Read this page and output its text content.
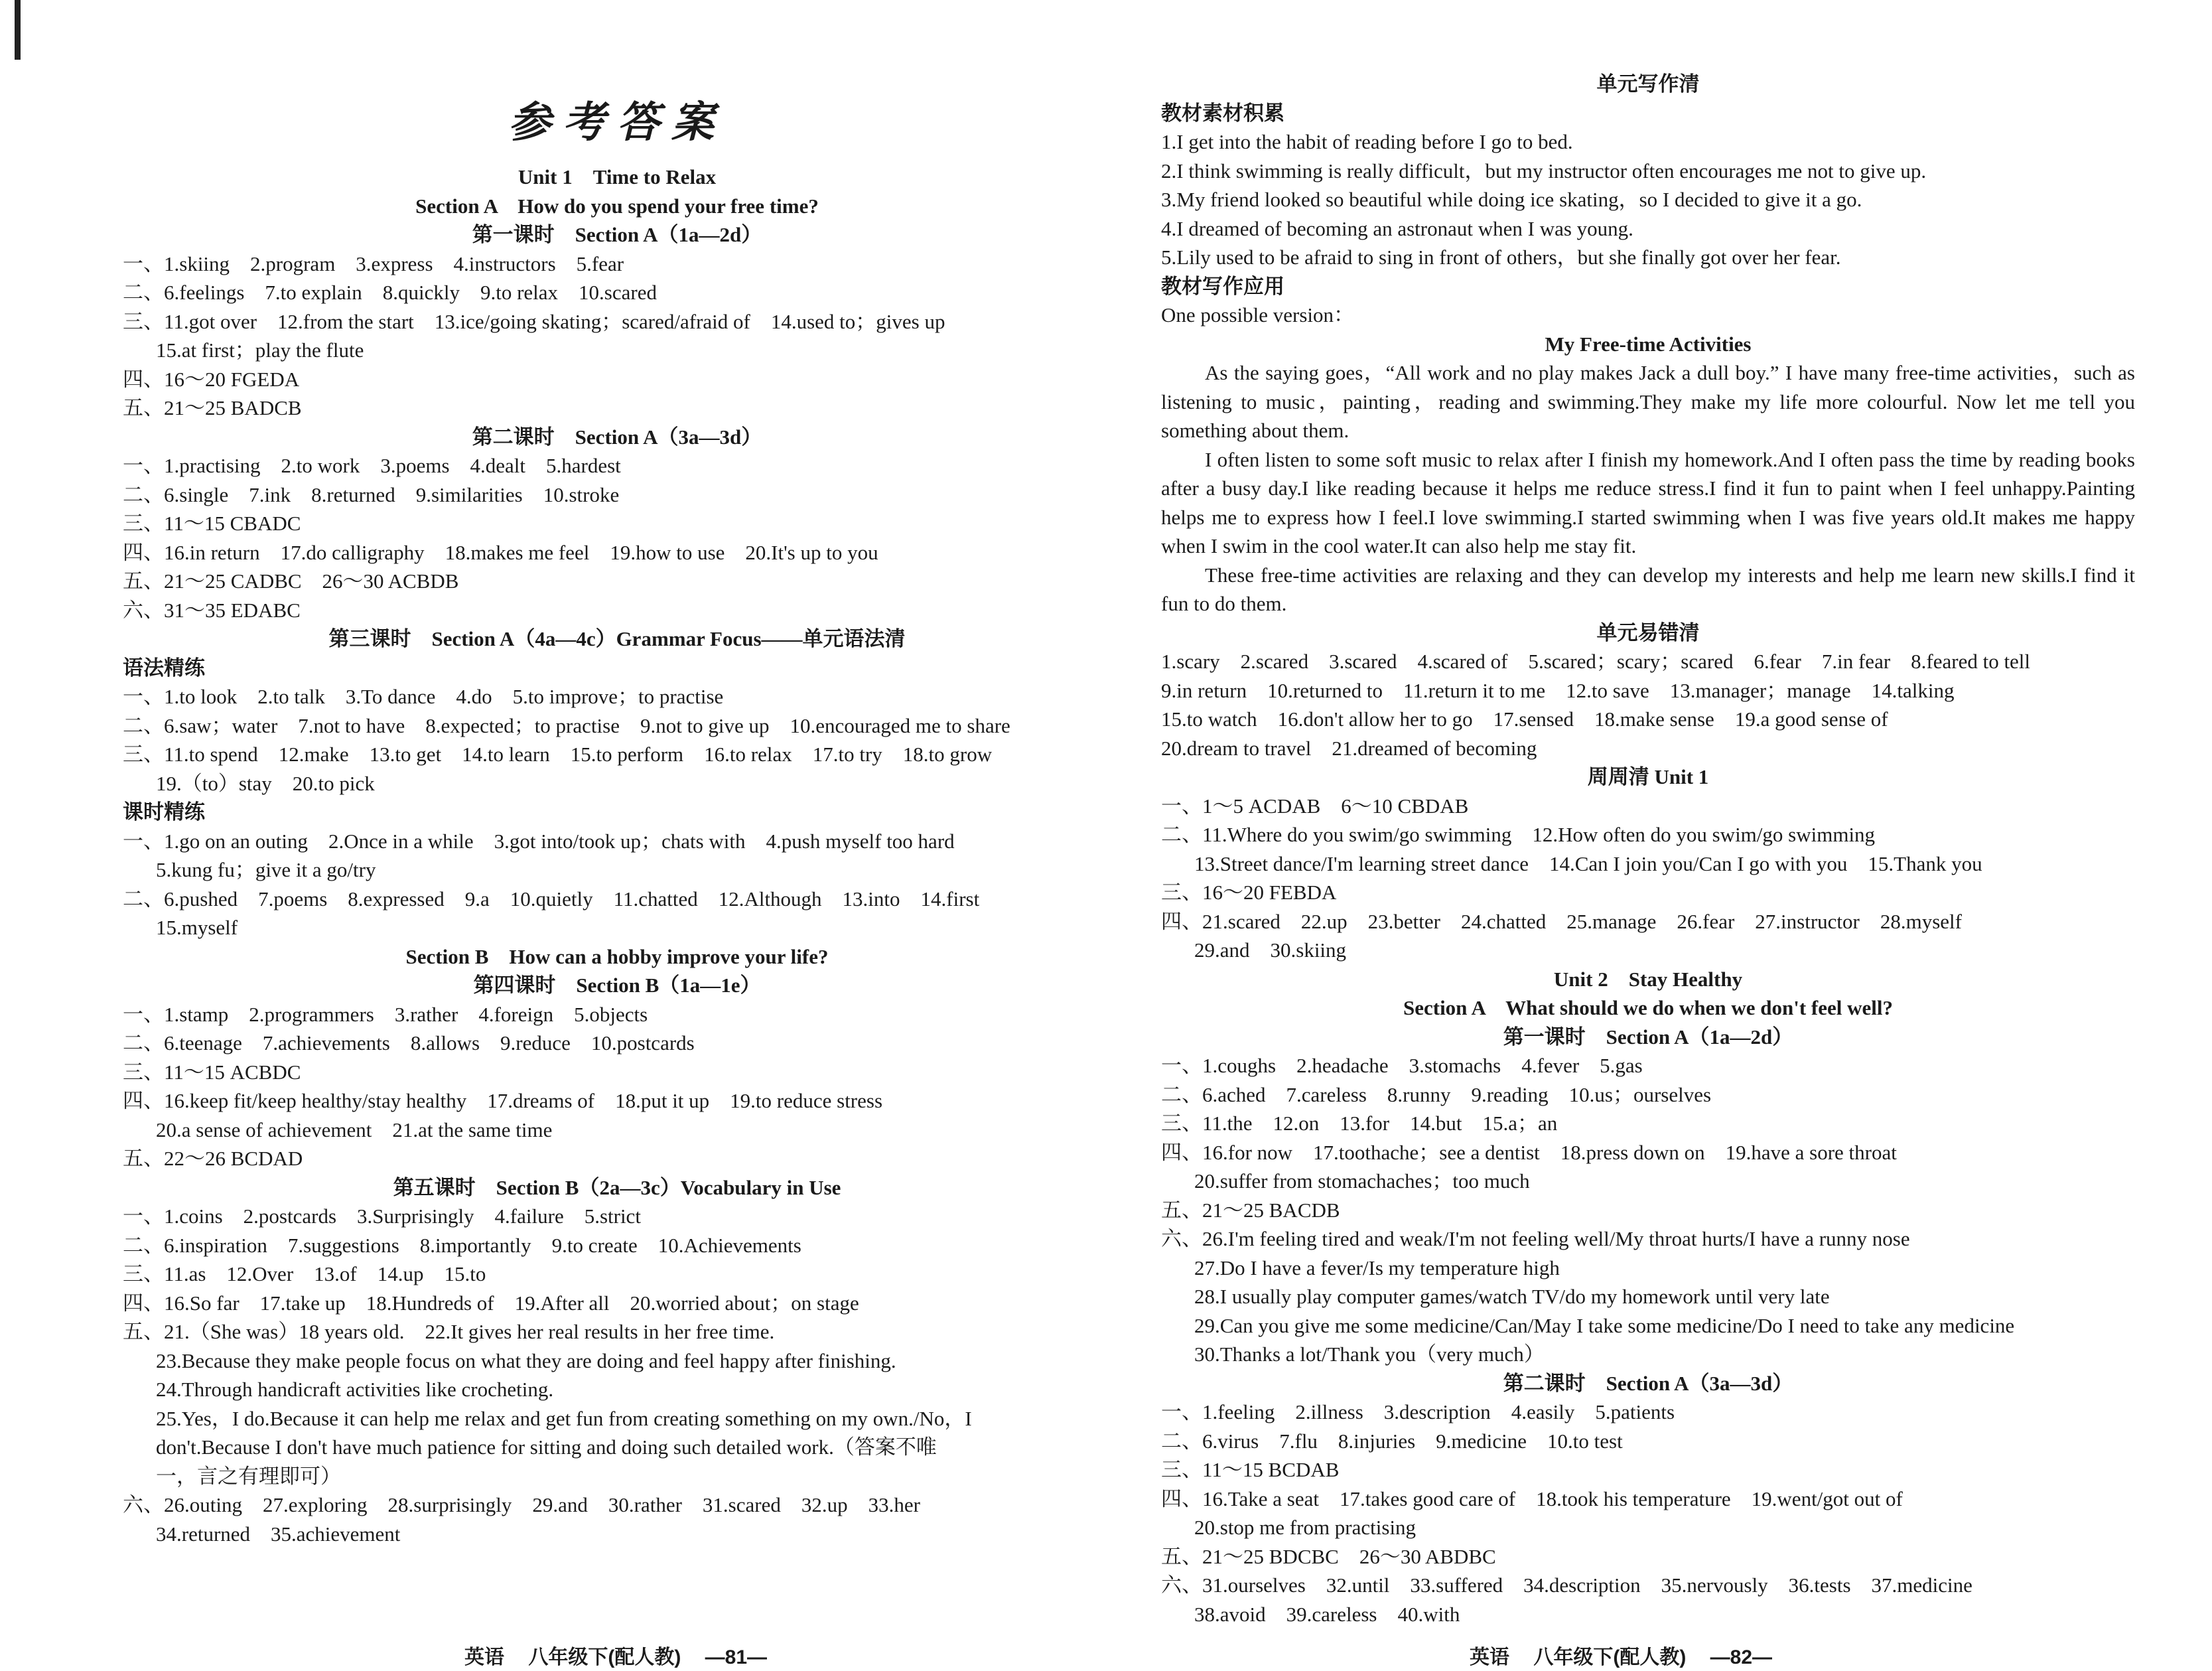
参考答案
Unit 1　Time to Relax
Section A　How do you spend your free time?
第一课时　Section A（1a—2d）
一、1.skiing　2.program　3.express　4.instructors　5.fear
二、6.feelings　7.to explain　8.quickly　9.to relax　10.scared
三、11.got over　12.from the start　13.ice/going skating；scared/afraid of　14.used to；gives up
15.at first；play the flute
四、16～20 FGEDA
五、21～25 BADCB
第二课时　Section A（3a—3d）
一、1.practising　2.to work　3.poems　4.dealt　5.hardest
二、6.single　7.ink　8.returned　9.similarities　10.stroke
三、11～15 CBADC
四、16.in return　17.do calligraphy　18.makes me feel　19.how to use　20.It's up to you
五、21～25 CADBC　26～30 ACBDB
六、31～35 EDABC
第三课时　Section A（4a—4c）Grammar Focus——单元语法清
语法精练
一、1.to look　2.to talk　3.To dance　4.do　5.to improve；to practise
二、6.saw；water　7.not to have　8.expected；to practise　9.not to give up　10.encouraged me to share
三、11.to spend　12.make　13.to get　14.to learn　15.to perform　16.to relax　17.to try　18.to grow
19.（to）stay　20.to pick
课时精练
一、1.go on an outing　2.Once in a while　3.got into/took up；chats with　4.push myself too hard
5.kung fu；give it a go/try
二、6.pushed　7.poems　8.expressed　9.a　10.quietly　11.chatted　12.Although　13.into　14.first
15.myself
Section B　How can a hobby improve your life?
第四课时　Section B（1a—1e）
一、1.stamp　2.programmers　3.rather　4.foreign　5.objects
二、6.teenage　7.achievements　8.allows　9.reduce　10.postcards
三、11～15 ACBDC
四、16.keep fit/keep healthy/stay healthy　17.dreams of　18.put it up　19.to reduce stress
20.a sense of achievement　21.at the same time
五、22～26 BCDAD
第五课时　Section B（2a—3c）Vocabulary in Use
一、1.coins　2.postcards　3.Surprisingly　4.failure　5.strict
二、6.inspiration　7.suggestions　8.importantly　9.to create　10.Achievements
三、11.as　12.Over　13.of　14.up　15.to
四、16.So far　17.take up　18.Hundreds of　19.After all　20.worried about；on stage
五、21.（She was）18 years old.　22.It gives her real results in her free time.
23.Because they make people focus on what they are doing and feel happy after finishing.
24.Through handicraft activities like crocheting.
25.Yes，I do.Because it can help me relax and get fun from creating something on my own./No，I
don't.Because I don't have much patience for sitting and doing such detailed work.（答案不唯
一，言之有理即可）
六、26.outing　27.exploring　28.surprisingly　29.and　30.rather　31.scared　32.up　33.her
34.returned　35.achievement
单元写作清
教材素材积累
1.I get into the habit of reading before I go to bed.
2.I think swimming is really difficult，but my instructor often encourages me not to give up.
3.My friend looked so beautiful while doing ice skating，so I decided to give it a go.
4.I dreamed of becoming an astronaut when I was young.
5.Lily used to be afraid to sing in front of others，but she finally got over her fear.
教材写作应用
One possible version：
My Free-time Activities
As the saying goes，“All work and no play makes Jack a dull boy.” I have many free-time activities，such as listening to music，painting，reading and swimming.They make my life more colourful. Now let me tell you something about them.
I often listen to some soft music to relax after I finish my homework.And I often pass the time by reading books after a busy day.I like reading because it helps me reduce stress.I find it fun to paint when I feel unhappy.Painting helps me to express how I feel.I love swimming.I started swimming when I was five years old.It makes me happy when I swim in the cool water.It can also help me stay fit.
These free-time activities are relaxing and they can develop my interests and help me learn new skills.I find it fun to do them.
单元易错清
1.scary　2.scared　3.scared　4.scared of　5.scared；scary；scared　6.fear　7.in fear　8.feared to tell
9.in return　10.returned to　11.return it to me　12.to save　13.manager；manage　14.talking
15.to watch　16.don't allow her to go　17.sensed　18.make sense　19.a good sense of
20.dream to travel　21.dreamed of becoming
周周清 Unit 1
一、1～5 ACDAB　6～10 CBDAB
二、11.Where do you swim/go swimming　12.How often do you swim/go swimming
13.Street dance/I'm learning street dance　14.Can I join you/Can I go with you　15.Thank you
三、16～20 FEBDA
四、21.scared　22.up　23.better　24.chatted　25.manage　26.fear　27.instructor　28.myself
29.and　30.skiing
Unit 2　Stay Healthy
Section A　What should we do when we don't feel well?
第一课时　Section A（1a—2d）
一、1.coughs　2.headache　3.stomachs　4.fever　5.gas
二、6.ached　7.careless　8.runny　9.reading　10.us；ourselves
三、11.the　12.on　13.for　14.but　15.a；an
四、16.for now　17.toothache；see a dentist　18.press down on　19.have a sore throat
20.suffer from stomachaches；too much
五、21～25 BACDB
六、26.I'm feeling tired and weak/I'm not feeling well/My throat hurts/I have a runny nose
27.Do I have a fever/Is my temperature high
28.I usually play computer games/watch TV/do my homework until very late
29.Can you give me some medicine/Can/May I take some medicine/Do I need to take any medicine
30.Thanks a lot/Thank you（very much）
第二课时　Section A（3a—3d）
一、1.feeling　2.illness　3.description　4.easily　5.patients
二、6.virus　7.flu　8.injuries　9.medicine　10.to test
三、11～15 BCDAB
四、16.Take a seat　17.takes good care of　18.took his temperature　19.went/got out of
20.stop me from practising
五、21～25 BDCBC　26～30 ABDBC
六、31.ourselves　32.until　33.suffered　34.description　35.nervously　36.tests　37.medicine
38.avoid　39.careless　40.with
英语 八年级下(配人教) —81—	英语 八年级下(配人教) —82—
